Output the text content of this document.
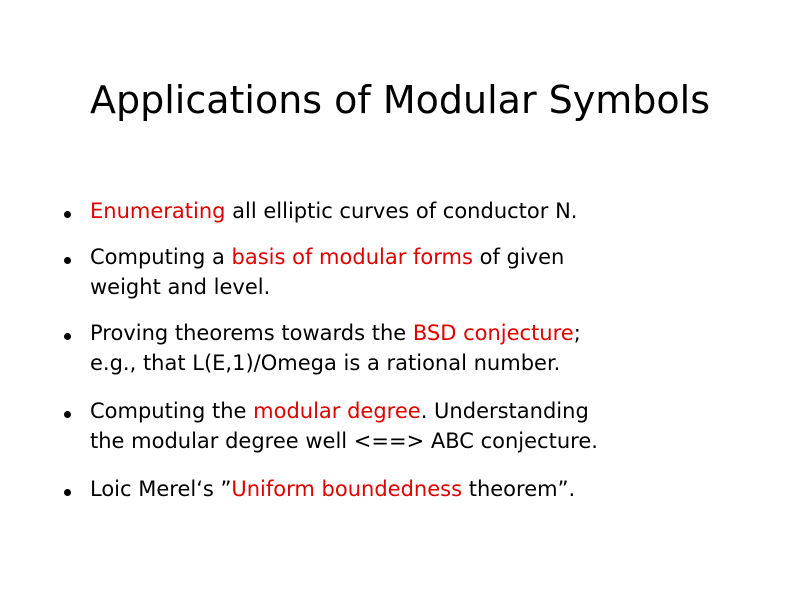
Applications of Modular Symbols
Enumerating all elliptic curves of conductor N.
Computing a basis of modular forms of given
weight and level.
Proving theorems towards the BSD conjecture;
e.g., that L(E,1)/Omega is a rational number.
Computing the modular degree. Understanding
the modular degree well <==> ABC conjecture.
Loic Merel‘s ”Uniform boundedness theorem”.
